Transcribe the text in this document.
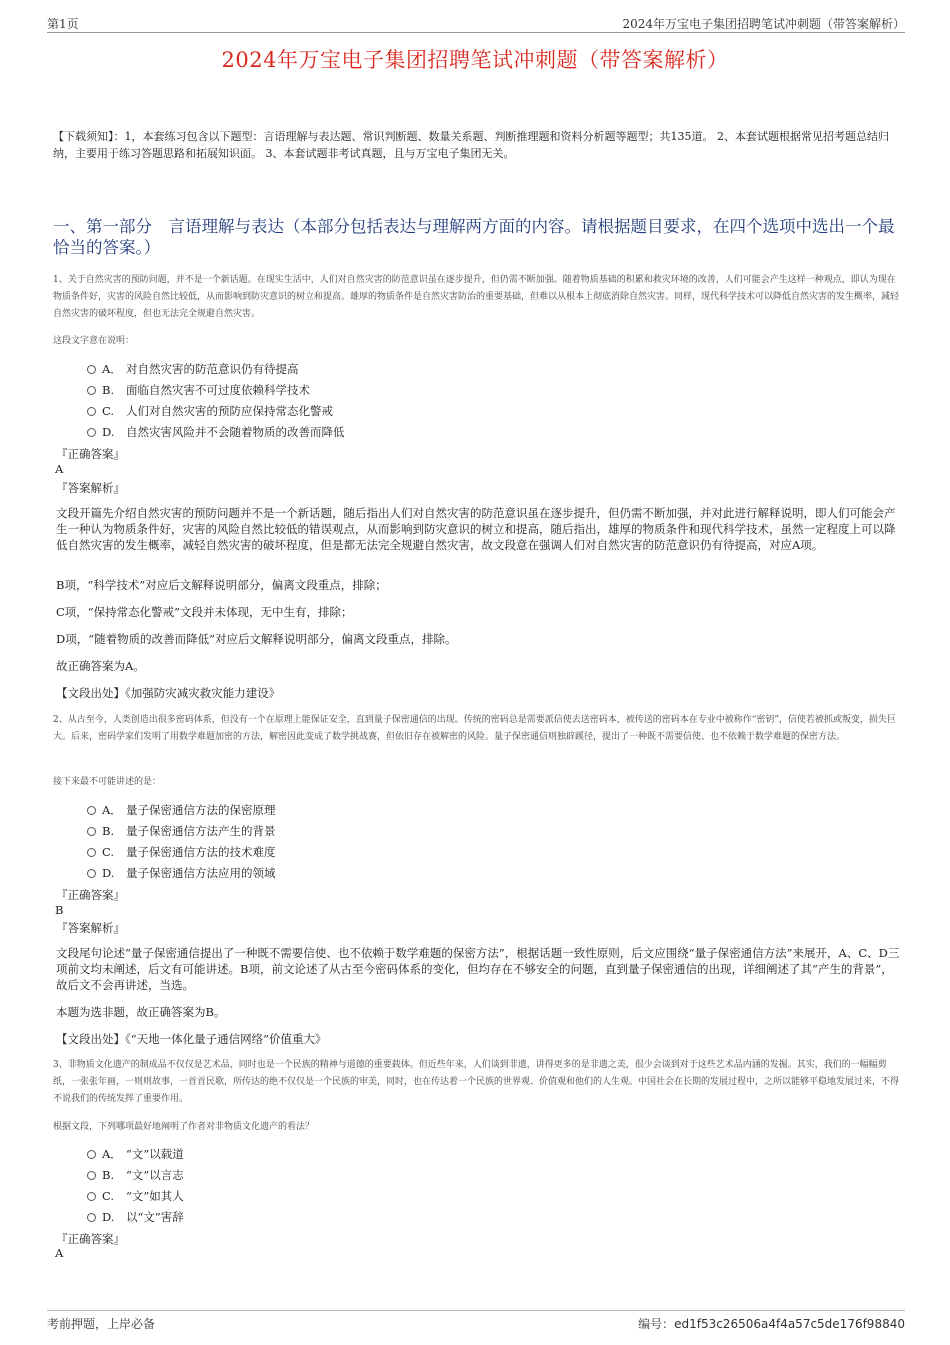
第1页	2024年万宝电子集团招聘笔试冲刺题（带答案解析）
2024年万宝电子集团招聘笔试冲刺题（带答案解析）
【下载须知】：1，本套练习包含以下题型：言语理解与表达题、常识判断题、数量关系题、判断推理题和资料分析题等题型；共135道。 2、本套试题根据常见招考题总结归纳，主要用于练习答题思路和拓展知识面。 3、本套试题非考试真题，且与万宝电子集团无关。
一、第一部分　言语理解与表达（本部分包括表达与理解两方面的内容。请根据题目要求，在四个选项中选出一个最恰当的答案。）
1、关于自然灾害的预防问题，并不是一个新话题。在现实生活中，人们对自然灾害的防范意识虽在逐步提升，但仍需不断加强。随着物质基础的积累和救灾环境的改善，人们可能会产生这样一种观点，即认为现在物质条件好，灾害的风险自然比较低，从而影响到防灾意识的树立和提高。雄厚的物质条件是自然灾害防治的重要基础，但难以从根本上彻底消除自然灾害。同样，现代科学技术可以降低自然灾害的发生概率，减轻自然灾害的破坏程度，但也无法完全规避自然灾害。
这段文字意在说明：
A． 对自然灾害的防范意识仍有待提高
B. 面临自然灾害不可过度依赖科学技术
C. 人们对自然灾害的预防应保持常态化警戒
D. 自然灾害风险并不会随着物质的改善而降低
『正确答案』
A
『答案解析』
文段开篇先介绍自然灾害的预防问题并不是一个新话题，随后指出人们对自然灾害的防范意识虽在逐步提升，但仍需不断加强，并对此进行解释说明，即人们可能会产生一种认为物质条件好，灾害的风险自然比较低的错误观点，从而影响到防灾意识的树立和提高，随后指出，雄厚的物质条件和现代科学技术，虽然一定程度上可以降低自然灾害的发生概率，减轻自然灾害的破坏程度，但是都无法完全规避自然灾害，故文段意在强调人们对自然灾害的防范意识仍有待提高，对应A项。
B项，“科学技术”对应后文解释说明部分，偏离文段重点，排除；
C项，“保持常态化警戒”文段并未体现，无中生有，排除；
D项，“随着物质的改善而降低”对应后文解释说明部分，偏离文段重点，排除。
故正确答案为A。
【文段出处】《加强防灾减灾救灾能力建设》
2、从古至今，人类创造出很多密码体系，但没有一个在原理上能保证安全，直到量子保密通信的出现。传统的密码总是需要派信使去送密码本，被传送的密码本在专业中被称作“密钥”，信使若被抓或叛变，损失巨大。后来，密码学家们发明了用数学难题加密的方法，解密因此变成了数学挑战赛，但依旧存在被解密的风险。量子保密通信则独辟蹊径，提出了一种既不需要信使、也不依赖于数学难题的保密方法。
接下来最不可能讲述的是：
A． 量子保密通信方法的保密原理
B. 量子保密通信方法产生的背景
C. 量子保密通信方法的技术难度
D. 量子保密通信方法应用的领域
『正确答案』
B
『答案解析』
文段尾句论述“量子保密通信提出了一种既不需要信使、也不依赖于数学难题的保密方法”，根据话题一致性原则，后文应围绕“量子保密通信方法”来展开，A、C、D三项前文均未阐述，后文有可能讲述。B项，前文论述了从古至今密码体系的变化，但均存在不够安全的问题，直到量子保密通信的出现，详细阐述了其“产生的背景”，故后文不会再讲述，当选。
本题为选非题，故正确答案为B。
【文段出处】《“天地一体化量子通信网络”价值重大》
3、非物质文化遗产的制成品不仅仅是艺术品，同时也是一个民族的精神与道德的重要载体。但近些年来，人们谈到非遗，讲得更多的是非遗之美，很少会谈到对于这些艺术品内涵的发掘。其实，我们的一幅幅剪纸，一张张年画，一则则故事，一首首民歌，所传达的绝不仅仅是一个民族的审美，同时，也在传达着一个民族的世界观、价值观和他们的人生观。中国社会在长期的发展过程中，之所以能够平稳地发展过来，不得不说我们的传统发挥了重要作用。
根据文段，下列哪项最好地阐明了作者对非物质文化遗产的看法？
A． “文”以载道
B. “文”以言志
C. “文”如其人
D. 以“文”害辞
『正确答案』
A
考前押题，上岸必备	编号：ed1f53c26506a4f4a57c5de176f98840
